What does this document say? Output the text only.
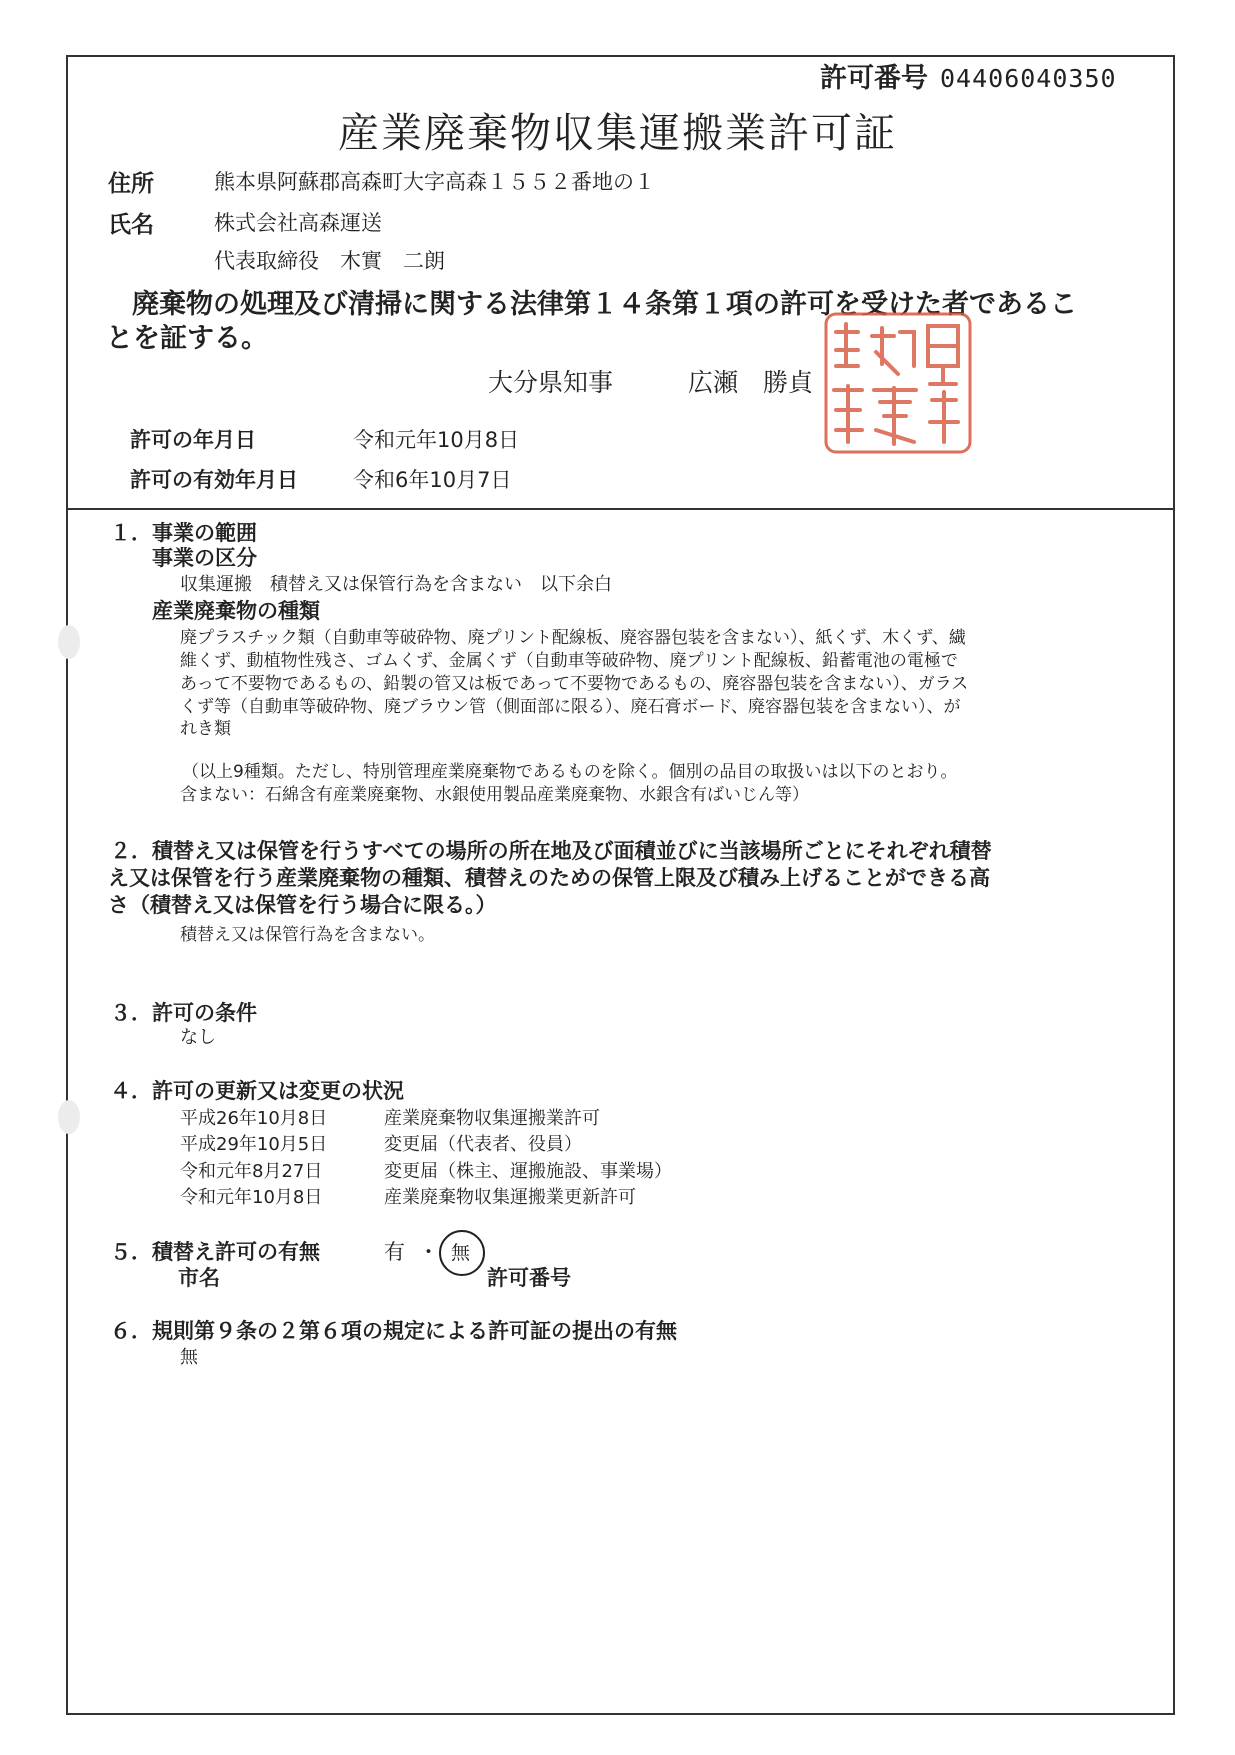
許可番号 04406040350
産業廃棄物収集運搬業許可証
住所	熊本県阿蘇郡高森町大字高森１５５２番地の１
氏名	株式会社高森運送
代表取締役　木實　二朗
廃棄物の処理及び清掃に関する法律第１４条第１項の許可を受けた者であるこ
とを証する。
大分県知事　　　広瀬　勝貞
許可の年月日	令和元年10月8日
許可の有効年月日	令和6年10月7日
１．事業の範囲
事業の区分
収集運搬　積替え又は保管行為を含まない　以下余白
産業廃棄物の種類
廃プラスチック類（自動車等破砕物、廃プリント配線板、廃容器包装を含まない）、紙くず、木くず、繊
維くず、動植物性残さ、ゴムくず、金属くず（自動車等破砕物、廃プリント配線板、鉛蓄電池の電極で
あって不要物であるもの、鉛製の管又は板であって不要物であるもの、廃容器包装を含まない）、ガラス
くず等（自動車等破砕物、廃ブラウン管（側面部に限る）、廃石膏ボード、廃容器包装を含まない）、が
れき類
（以上9種類。ただし、特別管理産業廃棄物であるものを除く。個別の品目の取扱いは以下のとおり。
含まない：石綿含有産業廃棄物、水銀使用製品産業廃棄物、水銀含有ばいじん等）
２．積替え又は保管を行うすべての場所の所在地及び面積並びに当該場所ごとにそれぞれ積替
え又は保管を行う産業廃棄物の種類、積替えのための保管上限及び積み上げることができる高
さ（積替え又は保管を行う場合に限る。）
積替え又は保管行為を含まない。
３．許可の条件
なし
４．許可の更新又は変更の状況
平成26年10月8日	産業廃棄物収集運搬業許可
平成29年10月5日	変更届（代表者、役員）
令和元年8月27日	変更届（株主、運搬施設、事業場）
令和元年10月8日	産業廃棄物収集運搬業更新許可
５．積替え許可の有無	有 ・ 無
市名	許可番号
６．規則第９条の２第６項の規定による許可証の提出の有無
無
